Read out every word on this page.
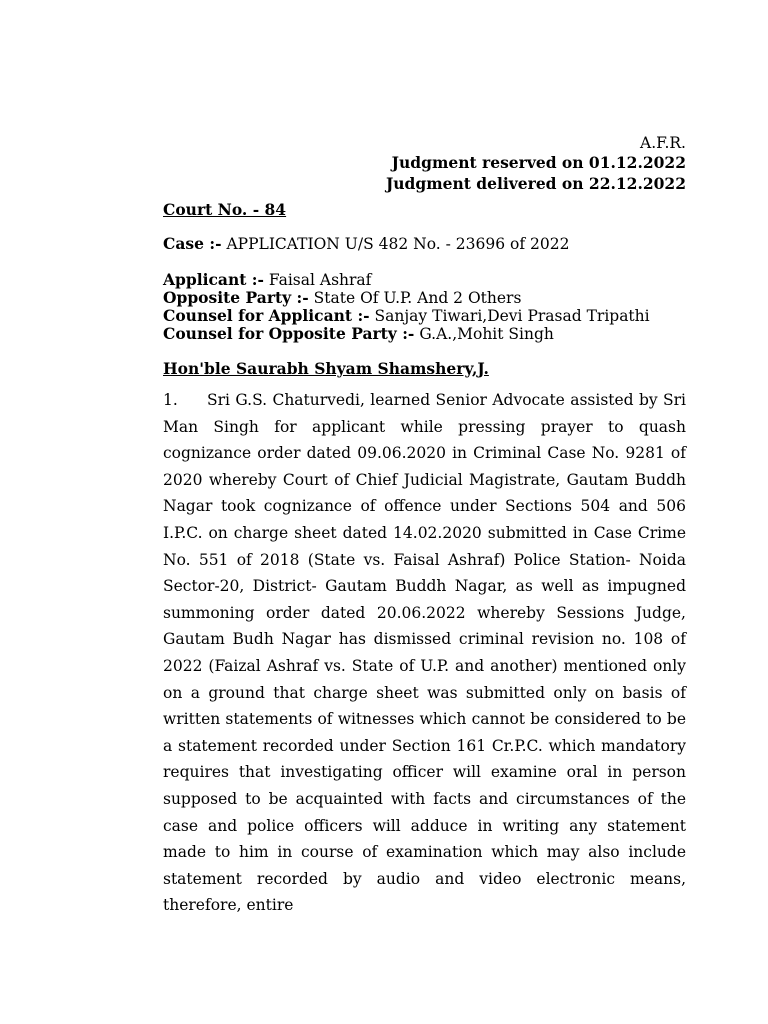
A.F.R.
Judgment reserved on 01.12.2022
Judgment delivered on 22.12.2022
Court No. - 84
Case :- APPLICATION U/S 482 No. - 23696 of 2022
Applicant :- Faisal Ashraf
Opposite Party :- State Of U.P. And 2 Others
Counsel for Applicant :- Sanjay Tiwari,Devi Prasad Tripathi
Counsel for Opposite Party :- G.A.,Mohit Singh
Hon'ble Saurabh Shyam Shamshery,J.
1. Sri G.S. Chaturvedi, learned Senior Advocate assisted by Sri Man Singh for applicant while pressing prayer to quash cognizance order dated 09.06.2020 in Criminal Case No. 9281 of 2020 whereby Court of Chief Judicial Magistrate, Gautam Buddh Nagar took cognizance of offence under Sections 504 and 506 I.P.C. on charge sheet dated 14.02.2020 submitted in Case Crime No. 551 of 2018 (State vs. Faisal Ashraf) Police Station- Noida Sector-20, District- Gautam Buddh Nagar, as well as impugned summoning order dated 20.06.2022 whereby Sessions Judge, Gautam Budh Nagar has dismissed criminal revision no. 108 of 2022 (Faizal Ashraf vs. State of U.P. and another) mentioned only on a ground that charge sheet was submitted only on basis of written statements of witnesses which cannot be considered to be a statement recorded under Section 161 Cr.P.C. which mandatory requires that investigating officer will examine oral in person supposed to be acquainted with facts and circumstances of the case and police officers will adduce in writing any statement made to him in course of examination which may also include statement recorded by audio and video electronic means, therefore, entire
